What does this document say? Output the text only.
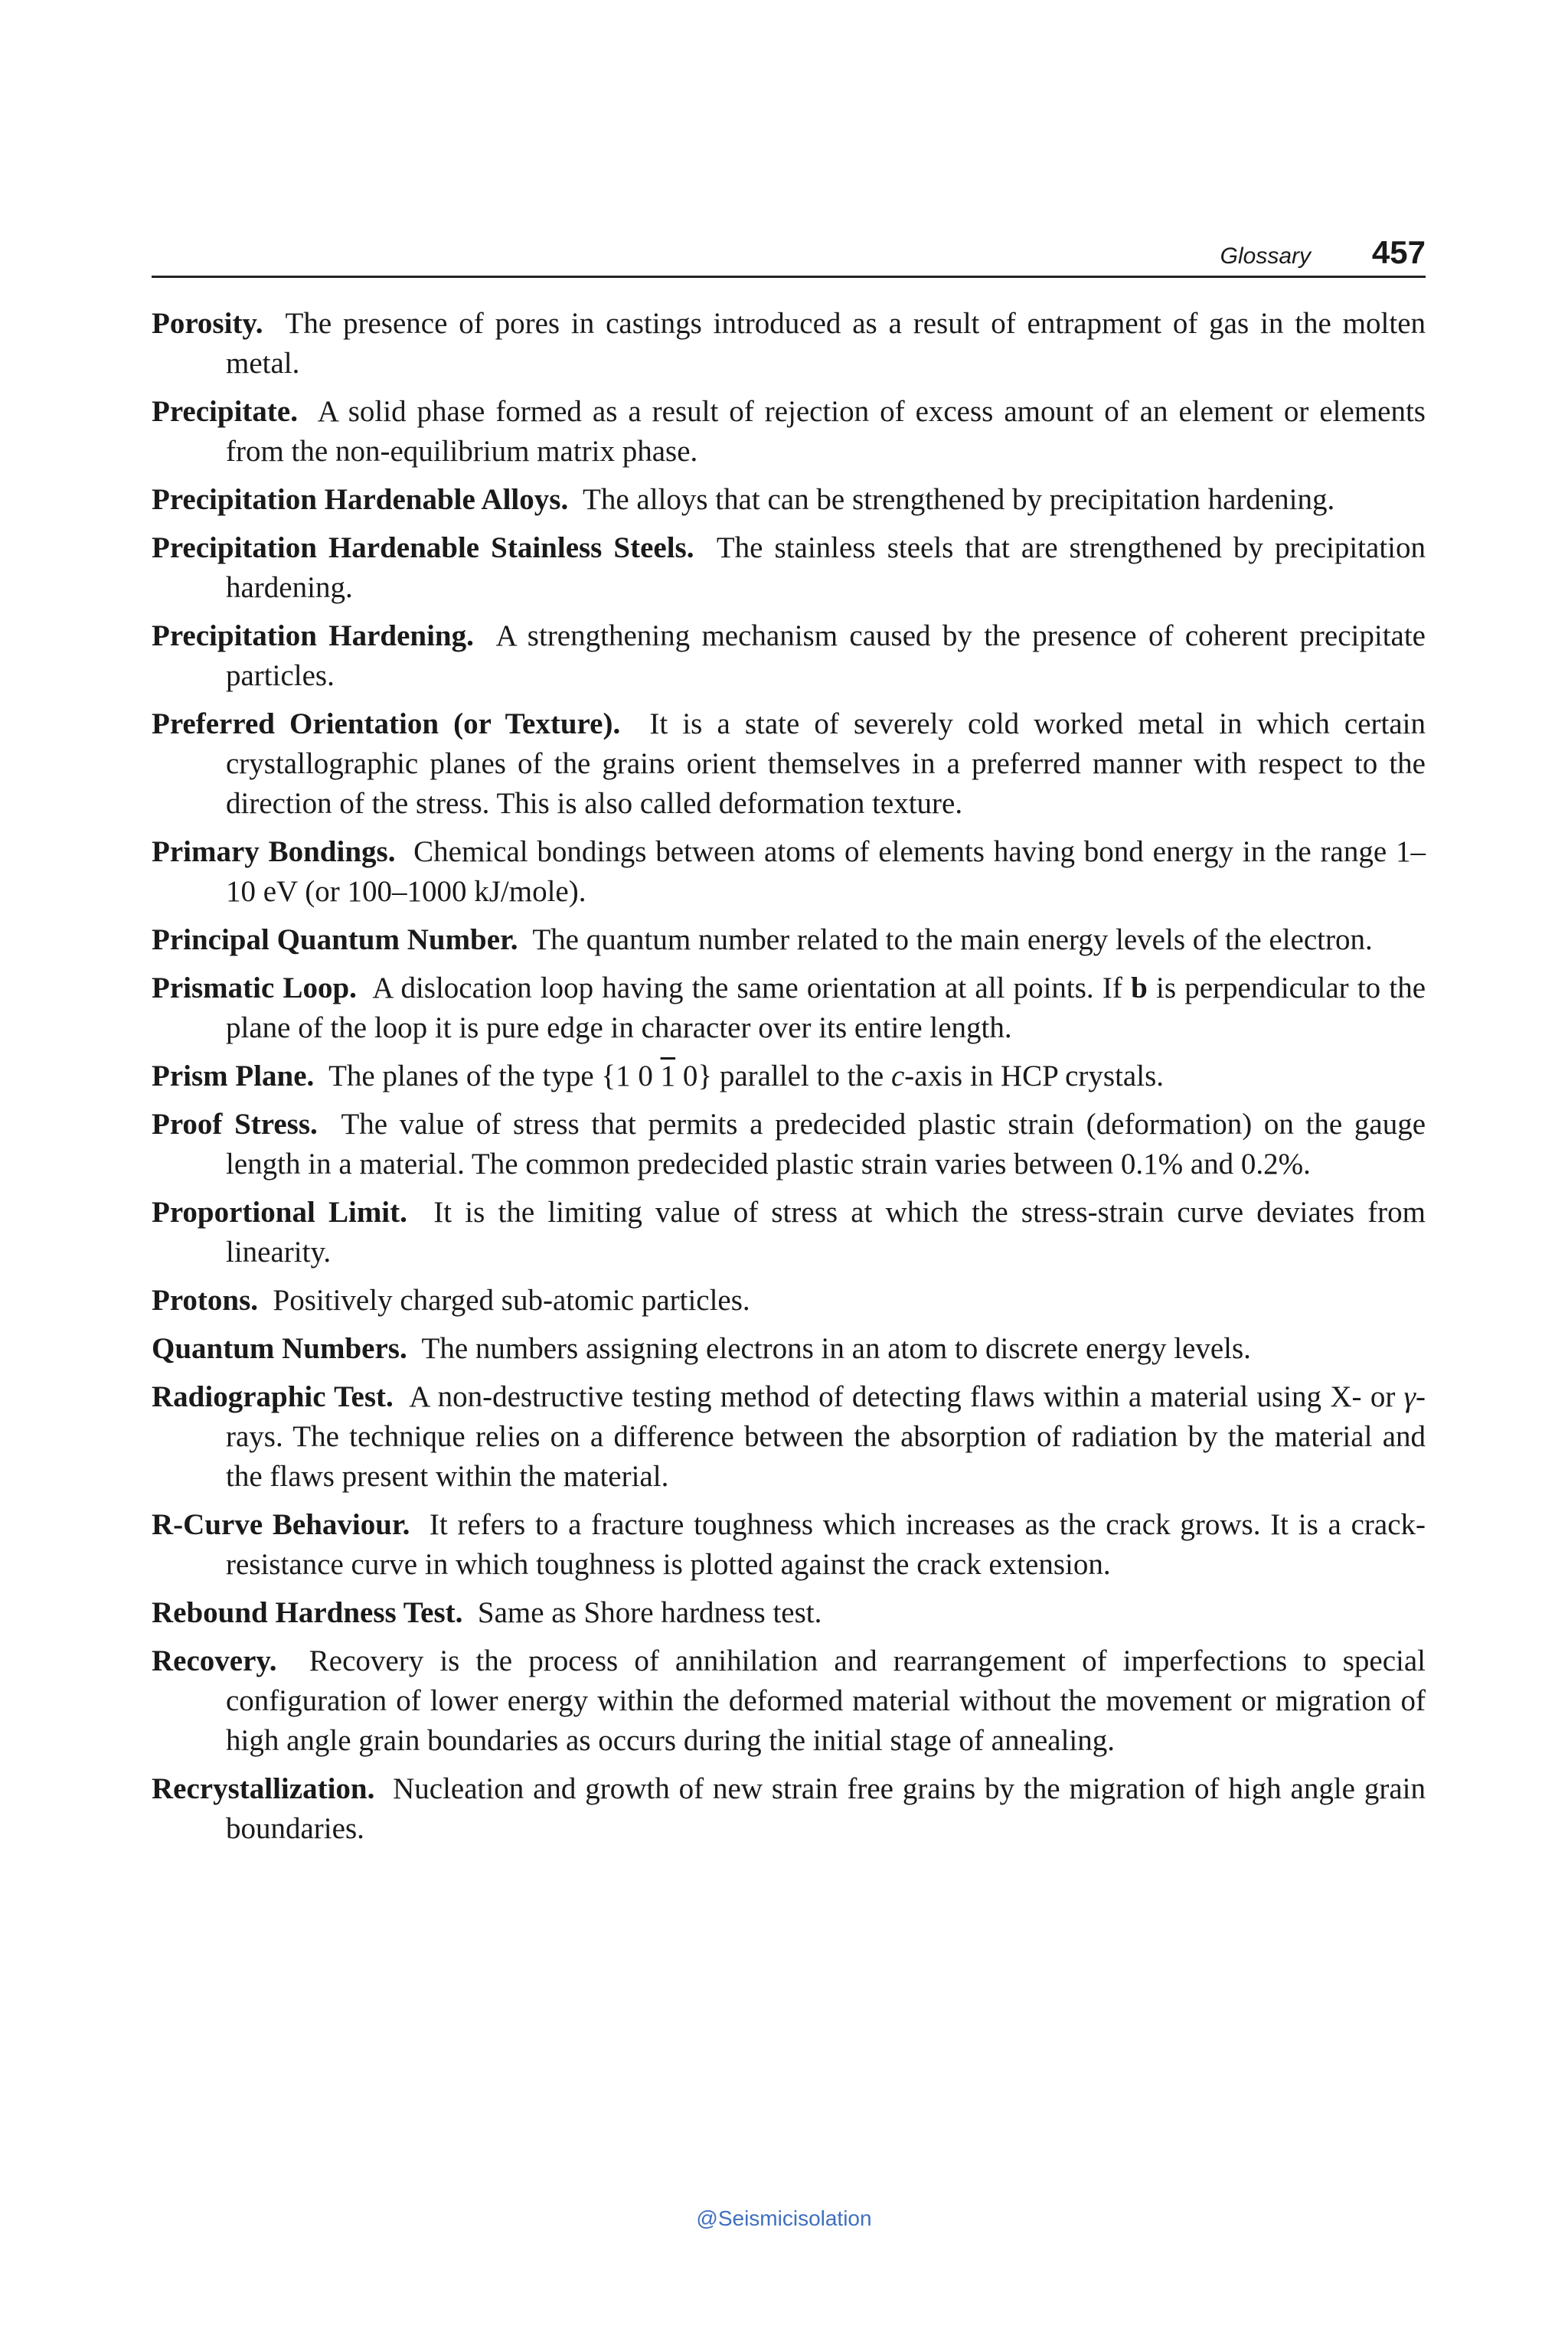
Glossary 457

Porosity. The presence of pores in castings introduced as a result of entrapment of gas in the molten metal.

Precipitate. A solid phase formed as a result of rejection of excess amount of an element or elements from the non-equilibrium matrix phase.

Precipitation Hardenable Alloys. The alloys that can be strengthened by precipitation hardening.

Precipitation Hardenable Stainless Steels. The stainless steels that are strengthened by precipitation hardening.

Precipitation Hardening. A strengthening mechanism caused by the presence of coherent precipitate particles.

Preferred Orientation (or Texture). It is a state of severely cold worked metal in which certain crystallographic planes of the grains orient themselves in a preferred manner with respect to the direction of the stress. This is also called deformation texture.

Primary Bondings. Chemical bondings between atoms of elements having bond energy in the range 1–10 eV (or 100–1000 kJ/mole).

Principal Quantum Number. The quantum number related to the main energy levels of the electron.

Prismatic Loop. A dislocation loop having the same orientation at all points. If b is perpendicular to the plane of the loop it is pure edge in character over its entire length.

Prism Plane. The planes of the type {1 0 1 0} parallel to the c-axis in HCP crystals.

Proof Stress. The value of stress that permits a predecided plastic strain (deformation) on the gauge length in a material. The common predecided plastic strain varies between 0.1% and 0.2%.

Proportional Limit. It is the limiting value of stress at which the stress-strain curve deviates from linearity.

Protons. Positively charged sub-atomic particles.

Quantum Numbers. The numbers assigning electrons in an atom to discrete energy levels.

Radiographic Test. A non-destructive testing method of detecting flaws within a material using X- or γ-rays. The technique relies on a difference between the absorption of radiation by the material and the flaws present within the material.

R-Curve Behaviour. It refers to a fracture toughness which increases as the crack grows. It is a crack-resistance curve in which toughness is plotted against the crack extension.

Rebound Hardness Test. Same as Shore hardness test.

Recovery. Recovery is the process of annihilation and rearrangement of imperfections to special configuration of lower energy within the deformed material without the movement or migration of high angle grain boundaries as occurs during the initial stage of annealing.

Recrystallization. Nucleation and growth of new strain free grains by the migration of high angle grain boundaries.

@Seismicisolation
